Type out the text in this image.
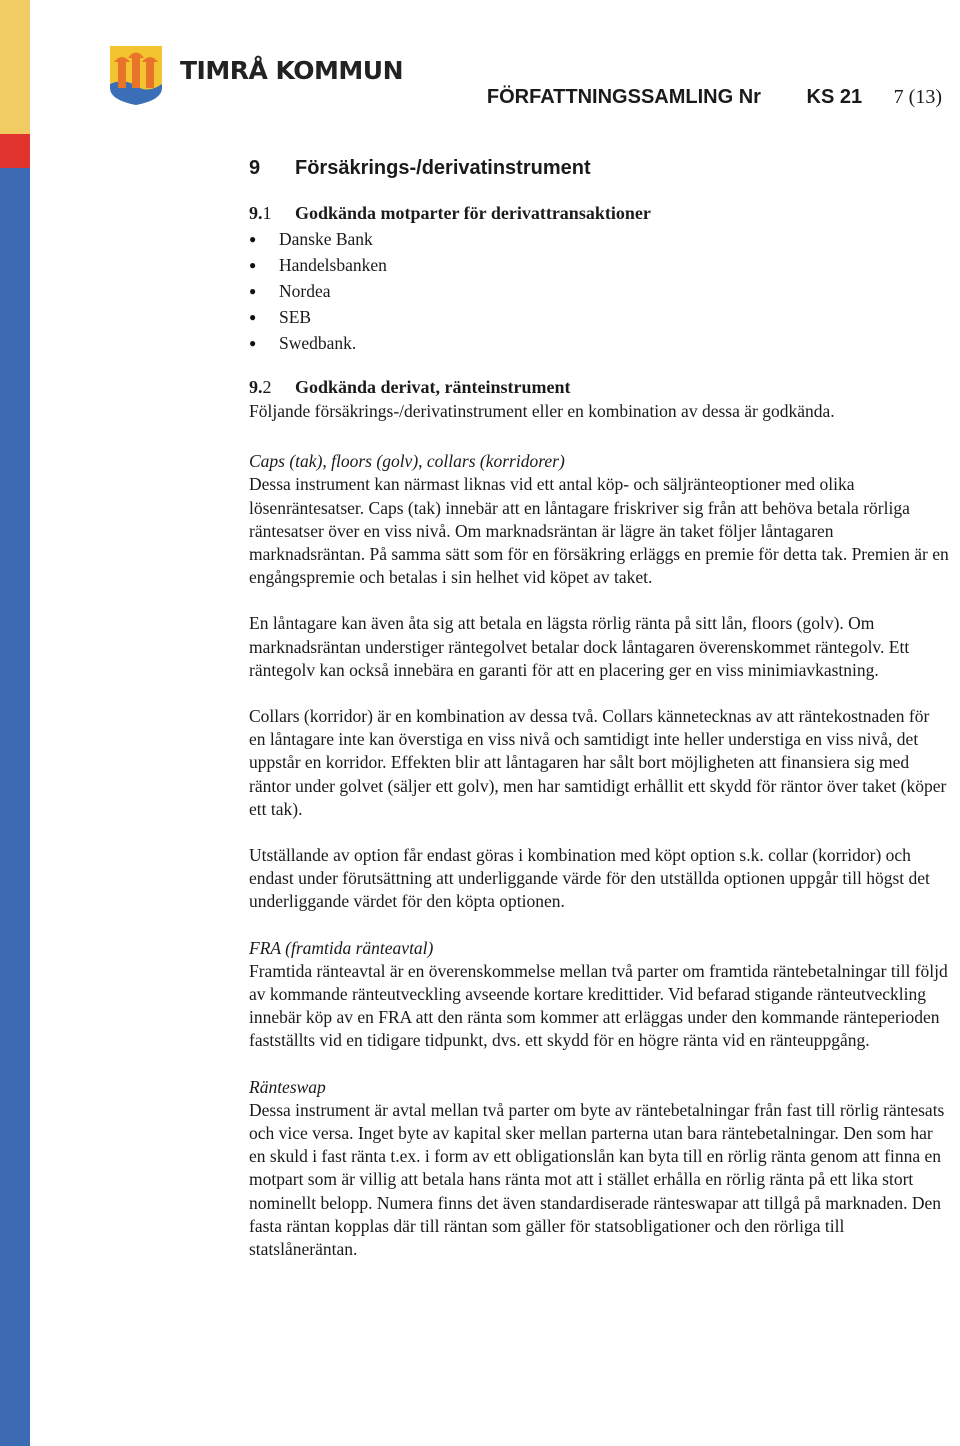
TIMRÅ KOMMUN
FÖRFATTNINGSSAMLING Nr KS 21 7 (13)
9 Försäkrings-/derivatinstrument
9.1 Godkända motparter för derivattransaktioner
● Danske Bank
● Handelsbanken
● Nordea
● SEB
● Swedbank.
9.2 Godkända derivat, ränteinstrument

Följande försäkrings-/derivatinstrument eller en kombination av dessa är godkända.

Caps (tak), floors (golv), collars (korridorer)

Dessa instrument kan närmast liknas vid ett antal köp- och säljränteoptioner med olika lösenräntesatser. Caps (tak) innebär att en låntagare friskriver sig från att behöva betala rörliga räntesatser över en viss nivå. Om marknadsräntan är lägre än taket följer låntagaren marknadsräntan. På samma sätt som för en försäkring erläggs en premie för detta tak. Premien är en engångspremie och betalas i sin helhet vid köpet av taket.

En låntagare kan även åta sig att betala en lägsta rörlig ränta på sitt lån, floors (golv). Om marknadsräntan understiger räntegolvet betalar dock låntagaren överenskommet räntegolv. Ett räntegolv kan också innebära en garanti för att en placering ger en viss minimiavkastning.

Collars (korridor) är en kombination av dessa två. Collars kännetecknas av att räntekostnaden för en låntagare inte kan överstiga en viss nivå och samtidigt inte heller understiga en viss nivå, det uppstår en korridor. Effekten blir att låntagaren har sålt bort möjligheten att finansiera sig med räntor under golvet (säljer ett golv), men har samtidigt erhållit ett skydd för räntor över taket (köper ett tak).

Utställande av option får endast göras i kombination med köpt option s.k. collar (korridor) och endast under förutsättning att underliggande värde för den utställda optionen uppgår till högst det underliggande värdet för den köpta optionen.

FRA (framtida ränteavtal)

Framtida ränteavtal är en överenskommelse mellan två parter om framtida räntebetalningar till följd av kommande ränteutveckling avseende kortare kredittider. Vid befarad stigande ränteutveckling innebär köp av en FRA att den ränta som kommer att erläggas under den kommande ränteperioden fastställts vid en tidigare tidpunkt, dvs. ett skydd för en högre ränta vid en ränteuppgång.

Ränteswap

Dessa instrument är avtal mellan två parter om byte av räntebetalningar från fast till rörlig räntesats och vice versa. Inget byte av kapital sker mellan parterna utan bara räntebetalningar. Den som har en skuld i fast ränta t.ex. i form av ett obligationslån kan byta till en rörlig ränta genom att finna en motpart som är villig att betala hans ränta mot att i stället erhålla en rörlig ränta på ett lika stort nominellt belopp. Numera finns det även standardiserade ränteswapar att tillgå på marknaden. Den fasta räntan kopplas där till räntan som gäller för statsobligationer och den rörliga till statslåneräntan.
